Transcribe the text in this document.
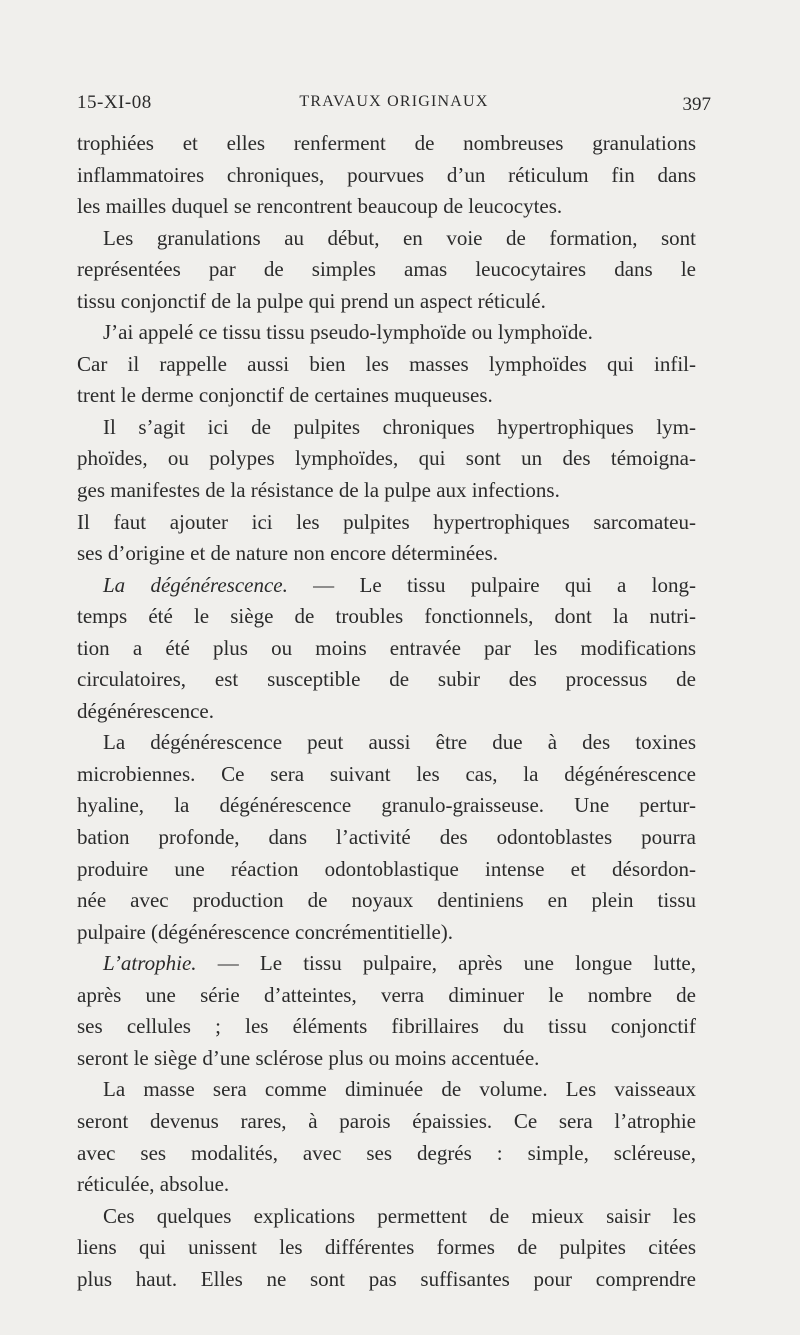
15-XI-08	TRAVAUX ORIGINAUX	397
trophiées et elles renferment de nombreuses granulations
inflammatoires chroniques, pourvues d’un réticulum fin dans
les mailles duquel se rencontrent beaucoup de leucocytes.
Les granulations au début, en voie de formation, sont
représentées par de simples amas leucocytaires dans le
tissu conjonctif de la pulpe qui prend un aspect réticulé.
J’ai appelé ce tissu tissu pseudo-lymphoïde ou lymphoïde.
Car il rappelle aussi bien les masses lymphoïdes qui infil-
trent le derme conjonctif de certaines muqueuses.
Il s’agit ici de pulpites chroniques hypertrophiques lym-
phoïdes, ou polypes lymphoïdes, qui sont un des témoigna-
ges manifestes de la résistance de la pulpe aux infections.
Il faut ajouter ici les pulpites hypertrophiques sarcomateu-
ses d’origine et de nature non encore déterminées.
La dégénérescence. — Le tissu pulpaire qui a long-
temps été le siège de troubles fonctionnels, dont la nutri-
tion a été plus ou moins entravée par les modifications
circulatoires, est susceptible de subir des processus de
dégénérescence.
La dégénérescence peut aussi être due à des toxines
microbiennes. Ce sera suivant les cas, la dégénérescence
hyaline, la dégénérescence granulo-graisseuse. Une pertur-
bation profonde, dans l’activité des odontoblastes pourra
produire une réaction odontoblastique intense et désordon-
née avec production de noyaux dentiniens en plein tissu
pulpaire (dégénérescence concrémentitielle).
L’atrophie. — Le tissu pulpaire, après une longue lutte,
après une série d’atteintes, verra diminuer le nombre de
ses cellules ; les éléments fibrillaires du tissu conjonctif
seront le siège d’une sclérose plus ou moins accentuée.
La masse sera comme diminuée de volume. Les vaisseaux
seront devenus rares, à parois épaissies. Ce sera l’atrophie
avec ses modalités, avec ses degrés : simple, scléreuse,
réticulée, absolue.
Ces quelques explications permettent de mieux saisir les
liens qui unissent les différentes formes de pulpites citées
plus haut. Elles ne sont pas suffisantes pour comprendre
